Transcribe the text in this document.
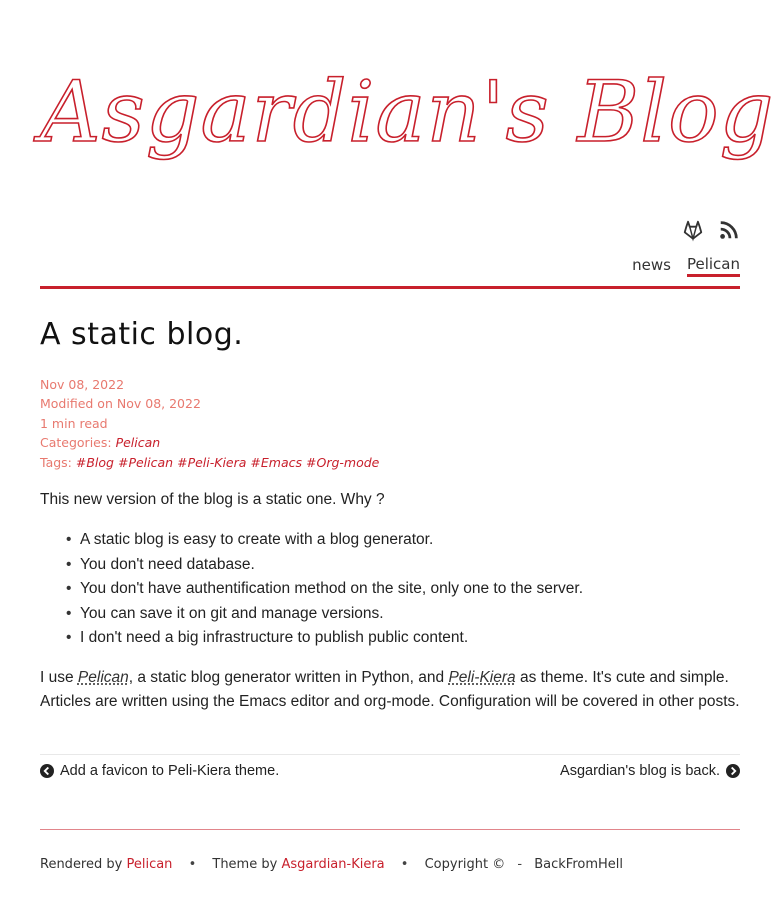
Asgardian's Blog
news Pelican
A static blog.
Nov 08, 2022
Modified on Nov 08, 2022
1 min read
Categories: Pelican
Tags: #Blog #Pelican #Peli-Kiera #Emacs #Org-mode

This new version of the blog is a static one. Why ?

• A static blog is easy to create with a blog generator.
• You don't need database.
• You don't have authentification method on the site, only one to the server.
• You can save it on git and manage versions.
• I don't need a big infrastructure to publish public content.

I use Pelican, a static blog generator written in Python, and Peli-Kiera as theme. It's cute and simple. Articles are written using the Emacs editor and org-mode. Configuration will be covered in other posts.

Add a favicon to Peli-Kiera theme.	Asgardian's blog is back.
Rendered by Pelican • Theme by Asgardian-Kiera • Copyright © - BackFromHell
